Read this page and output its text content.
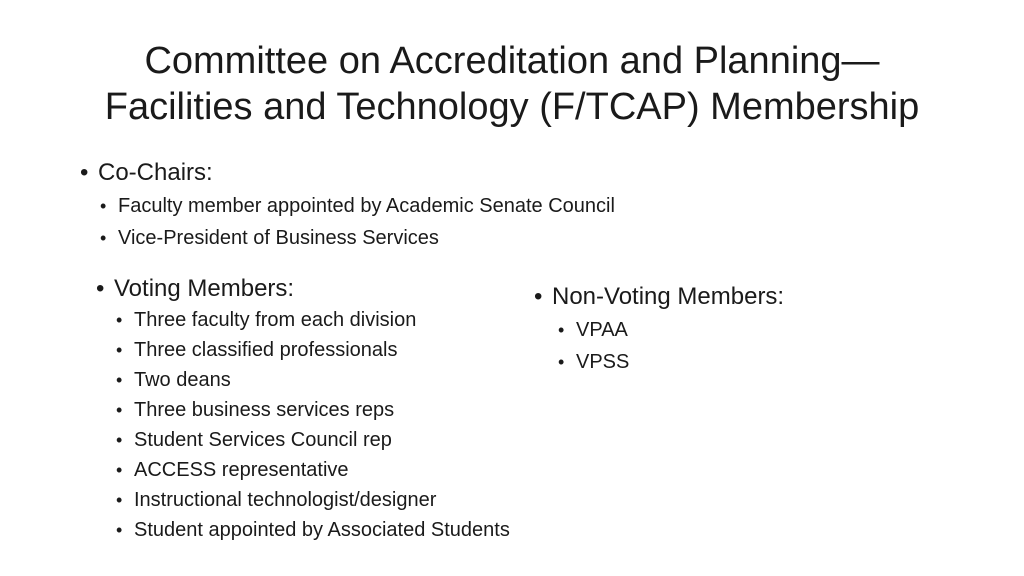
Committee on Accreditation and Planning—
Facilities and Technology (F/TCAP) Membership
• Co-Chairs:
• Faculty member appointed by Academic Senate Council
• Vice-President of Business Services
• Voting Members:
• Three faculty from each division
• Three classified professionals
• Two deans
• Three business services reps
• Student Services Council rep
• ACCESS representative
• Instructional technologist/designer
• Student appointed by Associated Students
• Non-Voting Members:
• VPAA
• VPSS
